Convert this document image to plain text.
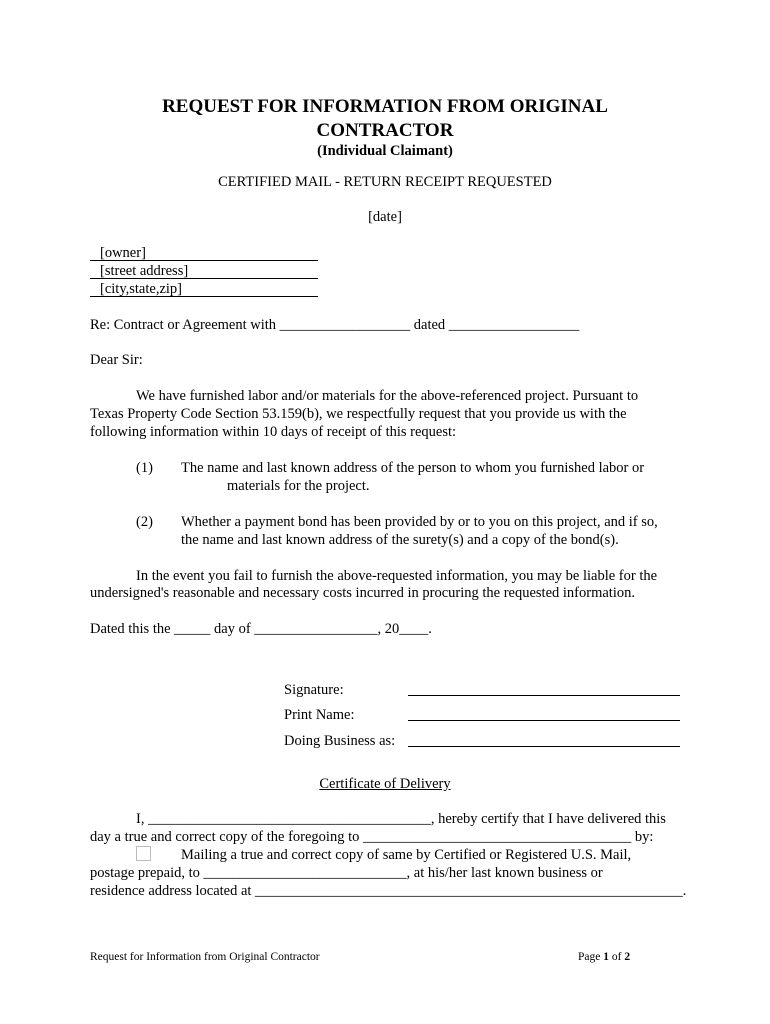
REQUEST FOR INFORMATION FROM ORIGINAL
CONTRACTOR
(Individual Claimant)
CERTIFIED MAIL - RETURN RECEIPT REQUESTED
[date]
[owner]
[street address]
[city,state,zip]
Re: Contract or Agreement with __________________ dated __________________
Dear Sir:
We have furnished labor and/or materials for the above-referenced project. Pursuant to
Texas Property Code Section 53.159(b), we respectfully request that you provide us with the
following information within 10 days of receipt of this request:
(1) The name and last known address of the person to whom you furnished labor or
materials for the project.
(2) Whether a payment bond has been provided by or to you on this project, and if so,
the name and last known address of the surety(s) and a copy of the bond(s).
In the event you fail to furnish the above-requested information, you may be liable for the
undersigned's reasonable and necessary costs incurred in procuring the requested information.
Dated this the _____ day of _________________, 20____.
Signature:
Print Name:
Doing Business as:
Certificate of Delivery
I, _______________________________________, hereby certify that I have delivered this
day a true and correct copy of the foregoing to _____________________________________ by:
Mailing a true and correct copy of same by Certified or Registered U.S. Mail,
postage prepaid, to ____________________________, at his/her last known business or
residence address located at ___________________________________________________________.
Request for Information from Original Contractor	Page 1 of 2
